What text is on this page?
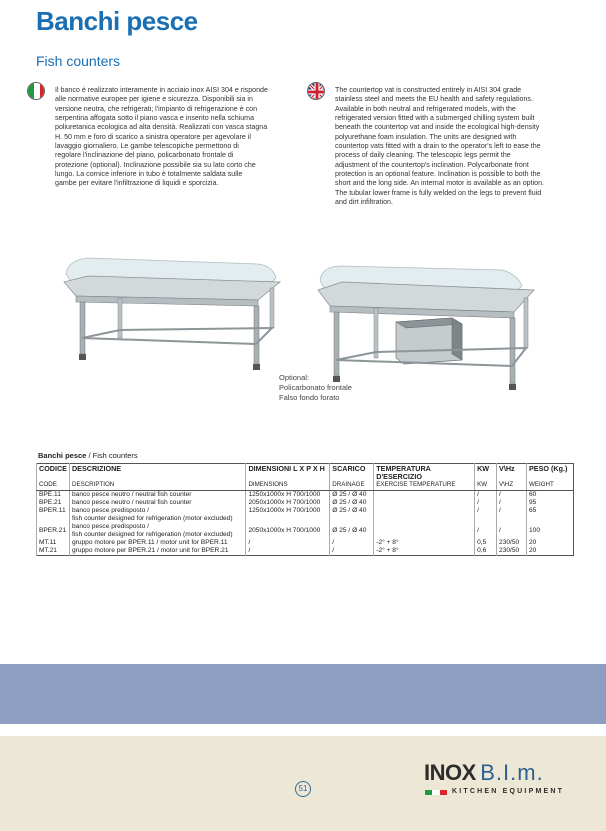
Banchi pesce
Fish counters
Il banco è realizzato interamente in acciaio inox AISI 304 e risponde
alle normative europee per igiene e sicurezza. Disponibili sia in
versione neutra, che refrigerati; l'impianto di refrigerazione è con
serpentina affogata sotto il piano vasca e inserito nella schiuma
poliuretanica ecologica ad alta densità. Realizzati con vasca stagna
H. 50 mm e foro di scarico a sinistra operatore per agevolare il
lavaggio giornaliero. Le gambe telescopiche permettono di
regolare l'inclinazione del piano, policarbonato frontale di
protezione (optional). Inclinazione possibile sia su lato corto che
lungo. La cornice inferiore in tubo è totalmente saldata sulle
gambe per evitare l'infiltrazione di liquidi e sporcizia.
The countertop vat is constructed entirely in AISI 304 grade
stainless steel and meets the EU health and safety regulations.
Available in both neutral and refrigerated models, with the
refrigerated version fitted with a submerged chilling system built
beneath the countertop vat and inside the ecological high-density
polyurethane foam insulation. The units are designed with
countertop vats fitted with a drain to the operator's left to ease the
process of daily cleaning. The telescopic legs permit the
adjustment of the countertop's inclination. Polycarbonate front
protection is an optional feature. Inclination is possible to both the
short and the long side. An internal motor is available as an option.
The tubular lower frame is fully welded on the legs to prevent fluid
and dirt infiltration.
Optional:
Policarbonato frontale
Falso fondo forato
Banchi pesce / Fish counters
CODICE	DESCRIZIONE	DIMENSIONI L X P X H	SCARICO	TEMPERATURA D'ESERCIZIO	KW	V\Hz	PESO (Kg.)
CODE	DESCRIPTION	DIMENSIONS	DRAINAGE	EXERCISE TEMPERATURE	KW	V\HZ	WEIGHT
BPE.11	banco pesce neutro / neutral fish counter	1250x1000x H 700/1000	Ø 25 / Ø 40		/	/	60
BPE.21	banco pesce neutro / neutral fish counter	2050x1000x H 700/1000	Ø 25 / Ø 40		/	/	95
BPER.11	banco pesce predisposto /
fish counter designed for refrigeration (motor excluded)	1250x1000x H 700/1000	Ø 25 / Ø 40		/	/	65
BPER.21	banco pesce predisposto /
fish counter designed for refrigeration (motor excluded)	2050x1000x H 700/1000	Ø 25 / Ø 40		/	/	100
MT.11	gruppo motore per BPER.11 / motor unit for BPER.11	/	/	-2° + 8°	0,5	230/50	20
MT.21	gruppo motore per BPER.21 / motor unit for BPER.21	/	/	-2° + 8°	0,6	230/50	20
51
INOX B.I.m.
KITCHEN EQUIPMENT
